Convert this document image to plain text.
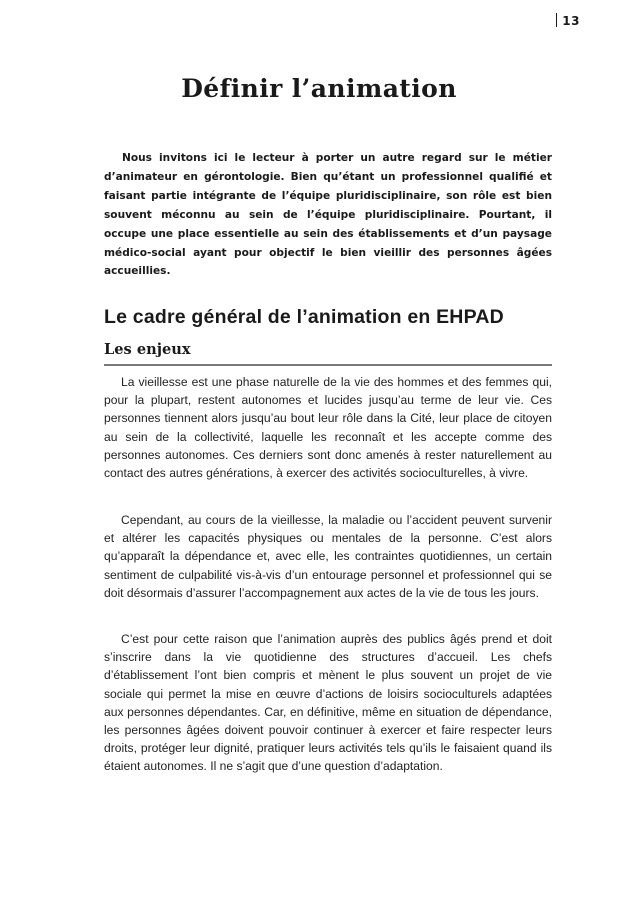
13
Définir l’animation

Nous invitons ici le lecteur à porter un autre regard sur le métier d’animateur en gérontologie. Bien qu’étant un professionnel qualifié et faisant partie intégrante de l’équipe pluridisciplinaire, son rôle est bien souvent méconnu au sein de l’équipe pluridisciplinaire. Pourtant, il occupe une place essentielle au sein des établissements et d’un paysage médico-social ayant pour objectif le bien vieillir des personnes âgées accueillies.

Le cadre général de l’animation en EHPAD
Les enjeux

La vieillesse est une phase naturelle de la vie des hommes et des femmes qui, pour la plupart, restent autonomes et lucides jusqu’au terme de leur vie. Ces personnes tiennent alors jusqu’au bout leur rôle dans la Cité, leur place de citoyen au sein de la collectivité, laquelle les reconnaît et les accepte comme des personnes autonomes. Ces derniers sont donc amenés à rester naturellement au contact des autres générations, à exercer des activités socioculturelles, à vivre.

Cependant, au cours de la vieillesse, la maladie ou l’accident peuvent survenir et altérer les capacités physiques ou mentales de la personne. C’est alors qu’apparaît la dépendance et, avec elle, les contraintes quotidiennes, un certain sentiment de culpabilité vis-à-vis d’un entourage personnel et professionnel qui se doit désormais d’assurer l’accompagnement aux actes de la vie de tous les jours.

C’est pour cette raison que l’animation auprès des publics âgés prend et doit s’inscrire dans la vie quotidienne des structures d’accueil. Les chefs d’établissement l’ont bien compris et mènent le plus souvent un projet de vie sociale qui permet la mise en œuvre d’actions de loisirs socioculturels adaptées aux personnes dépendantes. Car, en définitive, même en situation de dépendance, les personnes âgées doivent pouvoir continuer à exercer et faire respecter leurs droits, protéger leur dignité, pratiquer leurs activités tels qu’ils le faisaient quand ils étaient autonomes. Il ne s’agit que d’une question d’adaptation.
